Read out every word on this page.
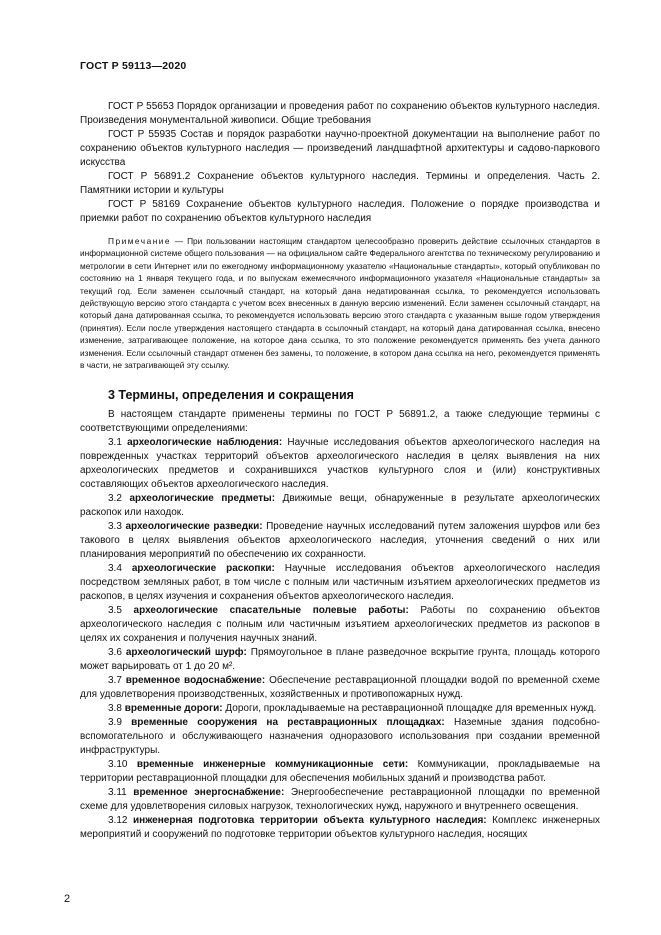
ГОСТ Р 59113—2020

ГОСТ Р 55653 Порядок организации и проведения работ по сохранению объектов культурного наследия. Произведения монументальной живописи. Общие требования

ГОСТ Р 55935 Состав и порядок разработки научно-проектной документации на выполнение работ по сохранению объектов культурного наследия — произведений ландшафтной архитектуры и садово-паркового искусства

ГОСТ Р 56891.2 Сохранение объектов культурного наследия. Термины и определения. Часть 2. Памятники истории и культуры

ГОСТ Р 58169 Сохранение объектов культурного наследия. Положение о порядке производства и приемки работ по сохранению объектов культурного наследия

Примечание — При пользовании настоящим стандартом целесообразно проверить действие ссылочных стандартов в информационной системе общего пользования — на официальном сайте Федерального агентства по техническому регулированию и метрологии в сети Интернет или по ежегодному информационному указателю «Национальные стандарты», который опубликован по состоянию на 1 января текущего года, и по выпускам ежемесячного информационного указателя «Национальные стандарты» за текущий год. Если заменен ссылочный стандарт, на который дана недатированная ссылка, то рекомендуется использовать действующую версию этого стандарта с учетом всех внесенных в данную версию изменений. Если заменен ссылочный стандарт, на который дана датированная ссылка, то рекомендуется использовать версию этого стандарта с указанным выше годом утверждения (принятия). Если после утверждения настоящего стандарта в ссылочный стандарт, на который дана датированная ссылка, внесено изменение, затрагивающее положение, на которое дана ссылка, то это положение рекомендуется применять без учета данного изменения. Если ссылочный стандарт отменен без замены, то положение, в котором дана ссылка на него, рекомендуется применять в части, не затрагивающей эту ссылку.

3 Термины, определения и сокращения

В настоящем стандарте применены термины по ГОСТ Р 56891.2, а также следующие термины с соответствующими определениями:

3.1 археологические наблюдения: Научные исследования объектов археологического наследия на поврежденных участках территорий объектов археологического наследия в целях выявления на них археологических предметов и сохранившихся участков культурного слоя и (или) конструктивных составляющих объектов археологического наследия.

3.2 археологические предметы: Движимые вещи, обнаруженные в результате археологических раскопок или находок.

3.3 археологические разведки: Проведение научных исследований путем заложения шурфов или без такового в целях выявления объектов археологического наследия, уточнения сведений о них или планирования мероприятий по обеспечению их сохранности.

3.4 археологические раскопки: Научные исследования объектов археологического наследия посредством земляных работ, в том числе с полным или частичным изъятием археологических предметов из раскопов, в целях изучения и сохранения объектов археологического наследия.

3.5 археологические спасательные полевые работы: Работы по сохранению объектов археологического наследия с полным или частичным изъятием археологических предметов из раскопов в целях их сохранения и получения научных знаний.

3.6 археологический шурф: Прямоугольное в плане разведочное вскрытие грунта, площадь которого может варьировать от 1 до 20 м².

3.7 временное водоснабжение: Обеспечение реставрационной площадки водой по временной схеме для удовлетворения производственных, хозяйственных и противопожарных нужд.

3.8 временные дороги: Дороги, прокладываемые на реставрационной площадке для временных нужд.

3.9 временные сооружения на реставрационных площадках: Наземные здания подсобно-вспомогательного и обслуживающего назначения одноразового использования при создании временной инфраструктуры.

3.10 временные инженерные коммуникационные сети: Коммуникации, прокладываемые на территории реставрационной площадки для обеспечения мобильных зданий и производства работ.

3.11 временное энергоснабжение: Энергообеспечение реставрационной площадки по временной схеме для удовлетворения силовых нагрузок, технологических нужд, наружного и внутреннего освещения.

3.12 инженерная подготовка территории объекта культурного наследия: Комплекс инженерных мероприятий и сооружений по подготовке территории объектов культурного наследия, носящих

2
